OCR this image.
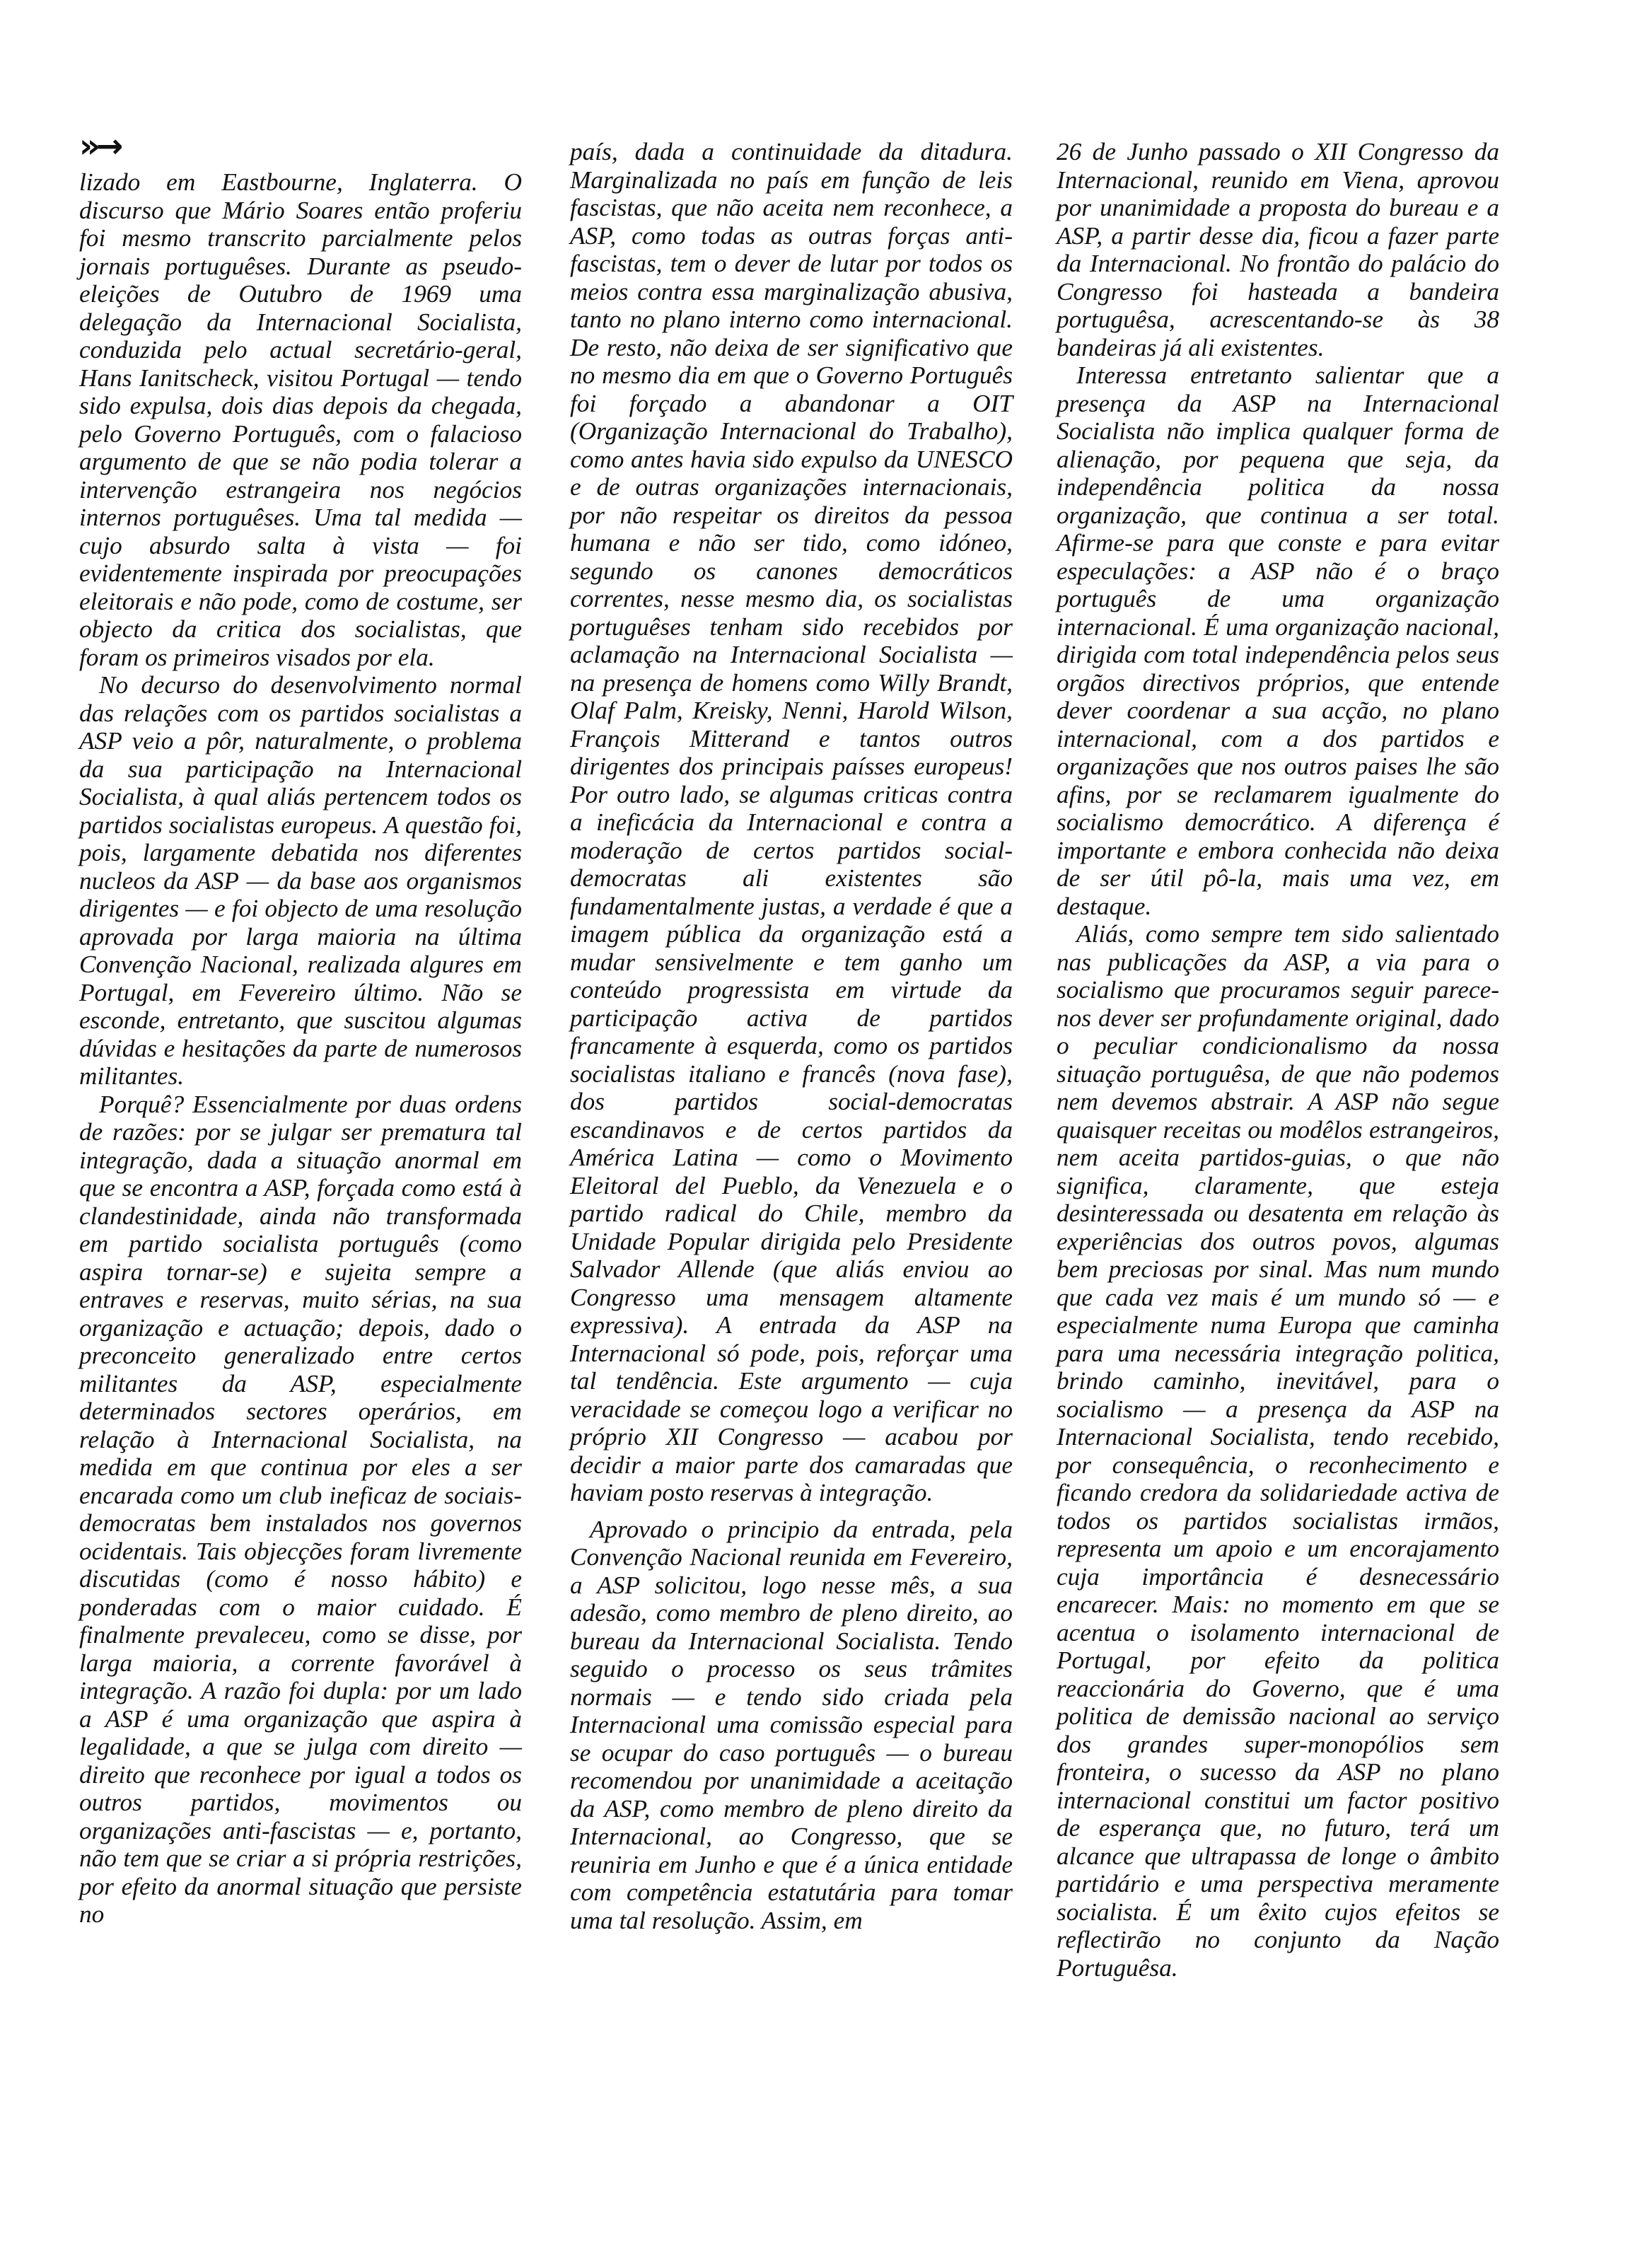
»→

lizado em Eastbourne, Inglaterra. O discurso que Mário Soares então proferiu foi mesmo transcrito parcialmente pelos jornais portuguêses. Durante as pseudo-eleições de Outubro de 1969 uma delegação da Internacional Socialista, conduzida pelo actual secretário-geral, Hans Ianitscheck, visitou Portugal — tendo sido expulsa, dois dias depois da chegada, pelo Governo Português, com o falacioso argumento de que se não podia tolerar a intervenção estrangeira nos negócios internos portuguêses. Uma tal medida — cujo absurdo salta à vista — foi evidentemente inspirada por preocupações eleitorais e não pode, como de costume, ser objecto da critica dos socialistas, que foram os primeiros visados por ela.

No decurso do desenvolvimento normal das relações com os partidos socialistas a ASP veio a pôr, naturalmente, o problema da sua participação na Internacional Socialista, à qual aliás pertencem todos os partidos socialistas europeus. A questão foi, pois, largamente debatida nos diferentes nucleos da ASP — da base aos organismos dirigentes — e foi objecto de uma resolução aprovada por larga maioria na última Convenção Nacional, realizada algures em Portugal, em Fevereiro último. Não se esconde, entretanto, que suscitou algumas dúvidas e hesitações da parte de numerosos militantes.

Porquê? Essencialmente por duas ordens de razões: por se julgar ser prematura tal integração, dada a situação anormal em que se encontra a ASP, forçada como está à clandestinidade, ainda não transformada em partido socialista português (como aspira tornar-se) e sujeita sempre a entraves e reservas, muito sérias, na sua organização e actuação; depois, dado o preconceito generalizado entre certos militantes da ASP, especialmente determinados sectores operários, em relação à Internacional Socialista, na medida em que continua por eles a ser encarada como um club ineficaz de sociais-democratas bem instalados nos governos ocidentais. Tais objecções foram livremente discutidas (como é nosso hábito) e ponderadas com o maior cuidado. É finalmente prevaleceu, como se disse, por larga maioria, a corrente favorável à integração. A razão foi dupla: por um lado a ASP é uma organização que aspira à legalidade, a que se julga com direito — direito que reconhece por igual a todos os outros partidos, movimentos ou organizações anti-fascistas — e, portanto, não tem que se criar a si própria restrições, por efeito da anormal situação que persiste no

país, dada a continuidade da ditadura. Marginalizada no país em função de leis fascistas, que não aceita nem reconhece, a ASP, como todas as outras forças anti-fascistas, tem o dever de lutar por todos os meios contra essa marginalização abusiva, tanto no plano interno como internacional. De resto, não deixa de ser significativo que no mesmo dia em que o Governo Português foi forçado a abandonar a OIT (Organização Internacional do Trabalho), como antes havia sido expulso da UNESCO e de outras organizações internacionais, por não respeitar os direitos da pessoa humana e não ser tido, como idóneo, segundo os canones democráticos correntes, nesse mesmo dia, os socialistas portuguêses tenham sido recebidos por aclamação na Internacional Socialista — na presença de homens como Willy Brandt, Olaf Palm, Kreisky, Nenni, Harold Wilson, François Mitterand e tantos outros dirigentes dos principais paísses europeus! Por outro lado, se algumas criticas contra a ineficácia da Internacional e contra a moderação de certos partidos social-democratas ali existentes são fundamentalmente justas, a verdade é que a imagem pública da organização está a mudar sensivelmente e tem ganho um conteúdo progressista em virtude da participação activa de partidos francamente à esquerda, como os partidos socialistas italiano e francês (nova fase), dos partidos social-democratas escandinavos e de certos partidos da América Latina — como o Movimento Eleitoral del Pueblo, da Venezuela e o partido radical do Chile, membro da Unidade Popular dirigida pelo Presidente Salvador Allende (que aliás enviou ao Congresso uma mensagem altamente expressiva). A entrada da ASP na Internacional só pode, pois, reforçar uma tal tendência. Este argumento — cuja veracidade se começou logo a verificar no próprio XII Congresso — acabou por decidir a maior parte dos camaradas que haviam posto reservas à integração.

Aprovado o principio da entrada, pela Convenção Nacional reunida em Fevereiro, a ASP solicitou, logo nesse mês, a sua adesão, como membro de pleno direito, ao bureau da Internacional Socialista. Tendo seguido o processo os seus trâmites normais — e tendo sido criada pela Internacional uma comissão especial para se ocupar do caso português — o bureau recomendou por unanimidade a aceitação da ASP, como membro de pleno direito da Internacional, ao Congresso, que se reuniria em Junho e que é a única entidade com competência estatutária para tomar uma tal resolução. Assim, em

26 de Junho passado o XII Congresso da Internacional, reunido em Viena, aprovou por unanimidade a proposta do bureau e a ASP, a partir desse dia, ficou a fazer parte da Internacional. No frontão do palácio do Congresso foi hasteada a bandeira portuguêsa, acrescentando-se às 38 bandeiras já ali existentes.

Interessa entretanto salientar que a presença da ASP na Internacional Socialista não implica qualquer forma de alienação, por pequena que seja, da independência politica da nossa organização, que continua a ser total. Afirme-se para que conste e para evitar especulações: a ASP não é o braço português de uma organização internacional. É uma organização nacional, dirigida com total independência pelos seus orgãos directivos próprios, que entende dever coordenar a sua acção, no plano internacional, com a dos partidos e organizações que nos outros paises lhe são afins, por se reclamarem igualmente do socialismo democrático. A diferença é importante e embora conhecida não deixa de ser útil pô-la, mais uma vez, em destaque.

Aliás, como sempre tem sido salientado nas publicações da ASP, a via para o socialismo que procuramos seguir parece-nos dever ser profundamente original, dado o peculiar condicionalismo da nossa situação portuguêsa, de que não podemos nem devemos abstrair. A ASP não segue quaisquer receitas ou modêlos estrangeiros, nem aceita partidos-guias, o que não significa, claramente, que esteja desinteressada ou desatenta em relação às experiências dos outros povos, algumas bem preciosas por sinal. Mas num mundo que cada vez mais é um mundo só — e especialmente numa Europa que caminha para uma necessária integração politica, brindo caminho, inevitável, para o socialismo — a presença da ASP na Internacional Socialista, tendo recebido, por consequência, o reconhecimento e ficando credora da solidariedade activa de todos os partidos socialistas irmãos, representa um apoio e um encorajamento cuja importância é desnecessário encarecer. Mais: no momento em que se acentua o isolamento internacional de Portugal, por efeito da politica reaccionária do Governo, que é uma politica de demissão nacional ao serviço dos grandes super-monopólios sem fronteira, o sucesso da ASP no plano internacional constitui um factor positivo de esperança que, no futuro, terá um alcance que ultrapassa de longe o âmbito partidário e uma perspectiva meramente socialista. É um êxito cujos efeitos se reflectirão no conjunto da Nação Portuguêsa.
